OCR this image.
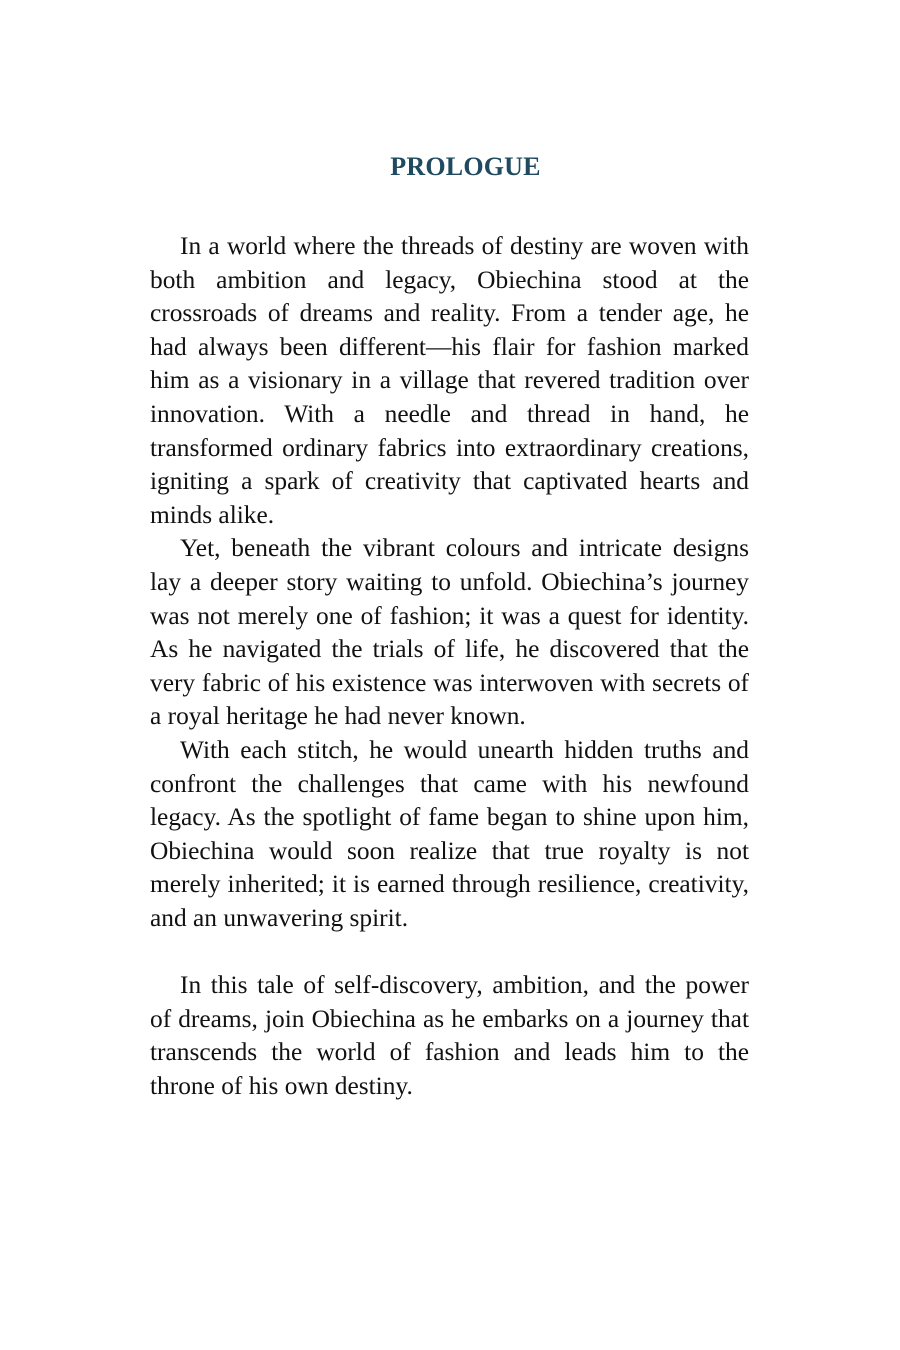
PROLOGUE

In a world where the threads of destiny are woven with both ambition and legacy, Obiechina stood at the crossroads of dreams and reality. From a tender age, he had always been different—his flair for fashion marked him as a visionary in a village that revered tradition over innovation. With a needle and thread in hand, he transformed ordinary fabrics into extraordinary creations, igniting a spark of creativity that captivated hearts and minds alike.

Yet, beneath the vibrant colours and intricate designs lay a deeper story waiting to unfold. Obiechina’s journey was not merely one of fashion; it was a quest for identity. As he navigated the trials of life, he discovered that the very fabric of his existence was interwoven with secrets of a royal heritage he had never known.

With each stitch, he would unearth hidden truths and confront the challenges that came with his newfound legacy. As the spotlight of fame began to shine upon him, Obiechina would soon realize that true royalty is not merely inherited; it is earned through resilience, creativity, and an unwavering spirit.

In this tale of self-discovery, ambition, and the power of dreams, join Obiechina as he embarks on a journey that transcends the world of fashion and leads him to the throne of his own destiny.
